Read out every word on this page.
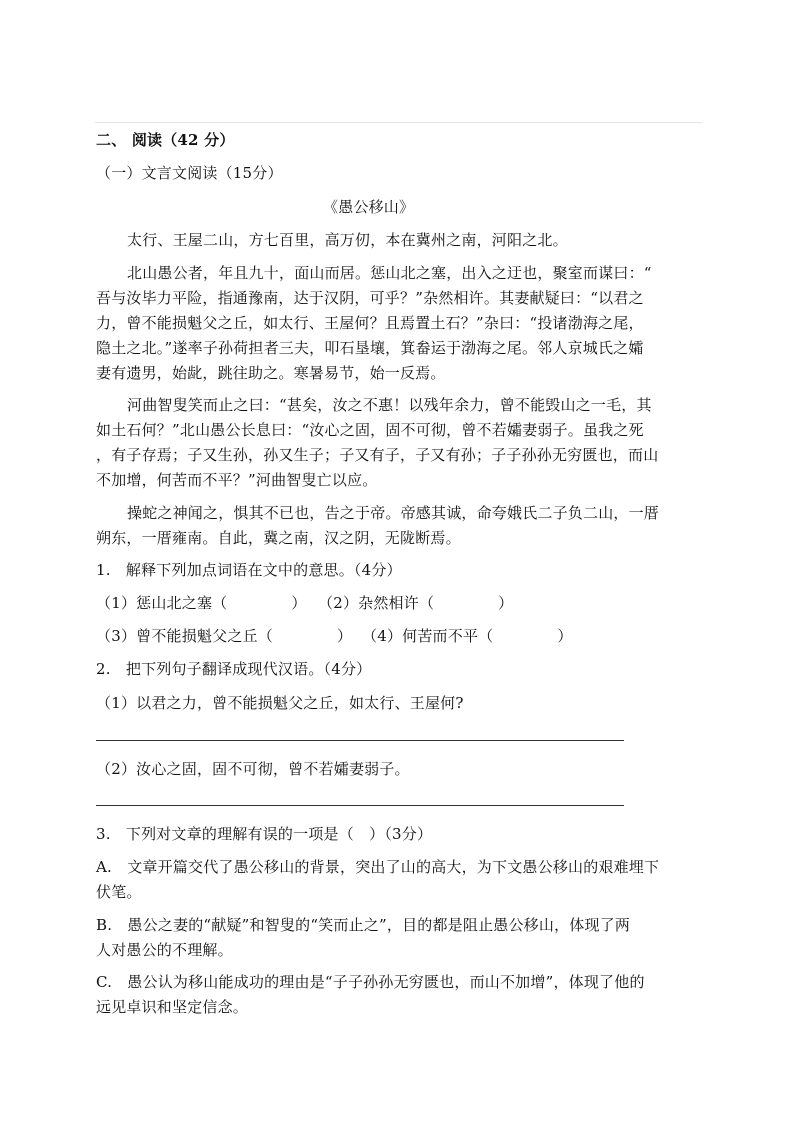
二、 阅读（42 分）
（一）文言文阅读（15分）
《愚公移山》
太行、王屋二山，方七百里，高万仞，本在冀州之南，河阳之北。
北山愚公者，年且九十，面山而居。惩山北之塞，出入之迂也，聚室而谋曰：“
吾与汝毕力平险，指通豫南，达于汉阴，可乎？”杂然相许。其妻献疑曰：“以君之
力，曾不能损魁父之丘，如太行、王屋何？且焉置土石？”杂曰：“投诸渤海之尾，
隐土之北。”遂率子孙荷担者三夫，叩石垦壤，箕畚运于渤海之尾。邻人京城氏之孀
妻有遗男，始龀，跳往助之。寒暑易节，始一反焉。
河曲智叟笑而止之曰：“甚矣，汝之不惠！以残年余力，曾不能毁山之一毛，其
如土石何？”北山愚公长息曰：“汝心之固，固不可彻，曾不若孀妻弱子。虽我之死
，有子存焉；子又生孙，孙又生子；子又有子，子又有孙；子子孙孙无穷匮也，而山
不加增，何苦而不平？”河曲智叟亡以应。
操蛇之神闻之，惧其不已也，告之于帝。帝感其诚，命夸娥氏二子负二山，一厝
朔东，一厝雍南。自此，冀之南，汉之阴，无陇断焉。
1.　解释下列加点词语在文中的意思。（4分）
（1）惩山北之塞（	） （2）杂然相许（	）
（3）曾不能损魁父之丘（	） （4）何苦而不平（	）
2.　把下列句子翻译成现代汉语。（4分）
（1）以君之力，曾不能损魁父之丘，如太行、王屋何?
（2）汝心之固，固不可彻，曾不若孀妻弱子。
3.　下列对文章的理解有误的一项是（　）（3分）
A.　文章开篇交代了愚公移山的背景，突出了山的高大，为下文愚公移山的艰难埋下
伏笔。
B.　愚公之妻的“献疑”和智叟的“笑而止之”，目的都是阻止愚公移山，体现了两
人对愚公的不理解。
C.　愚公认为移山能成功的理由是“子子孙孙无穷匮也，而山不加增”，体现了他的
远见卓识和坚定信念。
